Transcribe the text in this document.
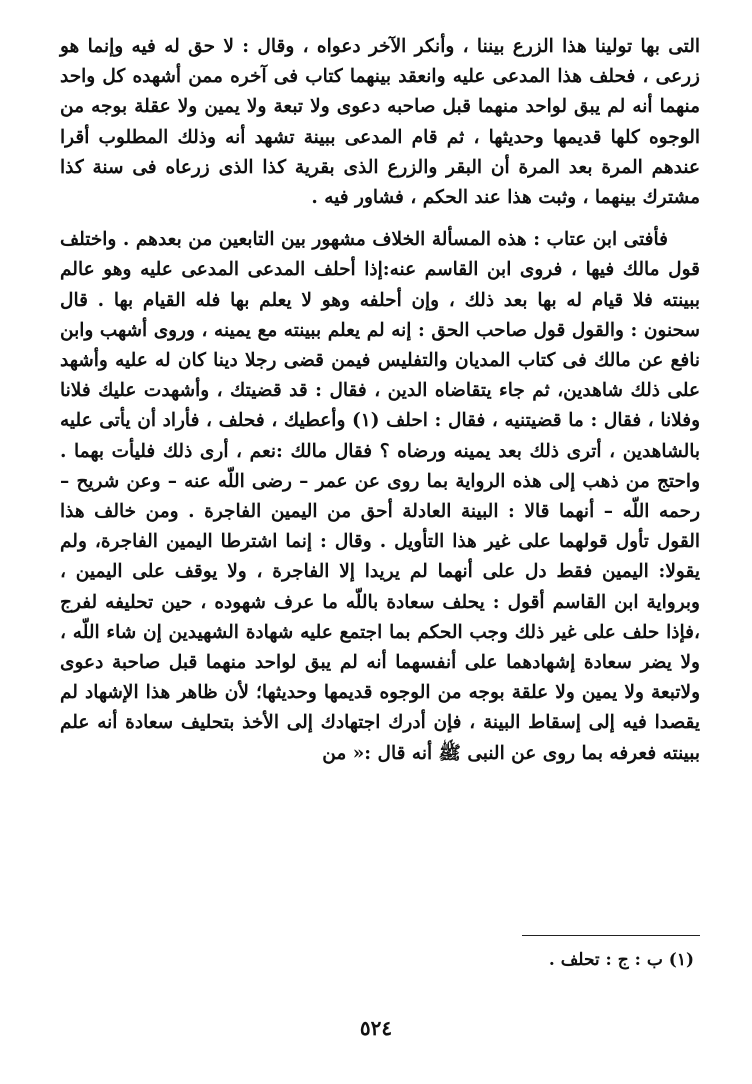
التى بها تولينا هذا الزرع بيننا ، وأنكر الآخر دعواه ، وقال : لا حق له فيه وإنما هو زرعى ، فحلف هذا المدعى عليه وانعقد بينهما كتاب فى آخره ممن أشهده كل واحد منهما أنه لم يبق لواحد منهما قبل صاحبه دعوى ولا تبعة ولا يمين ولا عقلة بوجه من الوجوه كلها قديمها وحديثها ، ثم قام المدعى ببينة تشهد أنه وذلك المطلوب أقرا عندهم المرة بعد المرة أن البقر والزرع الذى بقرية كذا الذى زرعاه فى سنة كذا مشترك بينهما ، وثبت هذا عند الحكم ، فشاور فيه .

فأفتى ابن عتاب : هذه المسألة الخلاف مشهور بين التابعين من بعدهم . واختلف قول مالك فيها ، فروى ابن القاسم عنه:إذا أحلف المدعى المدعى عليه وهو عالم ببينته فلا قيام له بها بعد ذلك ، وإن أحلفه وهو لا يعلم بها فله القيام بها . قال سحنون : والقول قول صاحب الحق : إنه لم يعلم ببينته مع يمينه ، وروى أشهب وابن نافع عن مالك فى كتاب المديان والتفليس فيمن قضى رجلا دينا كان له عليه وأشهد على ذلك شاهدين، ثم جاء يتقاضاه الدين ، فقال : قد قضيتك ، وأشهدت عليك فلانا وفلانا ، فقال : ما قضيتنيه ، فقال : احلف (١) وأعطيك ، فحلف ، فأراد أن يأتى عليه بالشاهدين ، أترى ذلك بعد يمينه ورضاه ؟ فقال مالك :نعم ، أرى ذلك فليأت بهما . واحتج من ذهب إلى هذه الرواية بما روى عن عمر – رضى اللّه عنه – وعن شريح – رحمه اللّه – أنهما قالا : البينة العادلة أحق من اليمين الفاجرة . ومن خالف هذا القول تأول قولهما على غير هذا التأويل . وقال : إنما اشترطا اليمين الفاجرة، ولم يقولا: اليمين فقط دل على أنهما لم يريدا إلا الفاجرة ، ولا يوقف على اليمين ، وبرواية ابن القاسم أقول : يحلف سعادة باللّه ما عرف شهوده ، حين تحليفه لفرج ،فإذا حلف على غير ذلك وجب الحكم بما اجتمع عليه شهادة الشهيدين إن شاء اللّه ، ولا يضر سعادة إشهادهما على أنفسهما أنه لم يبق لواحد منهما قبل صاحبة دعوى ولاتبعة ولا يمين ولا علقة بوجه من الوجوه قديمها وحديثها؛ لأن ظاهر هذا الإشهاد لم يقصدا فيه إلى إسقاط البينة ، فإن أدرك اجتهادك إلى الأخذ بتحليف سعادة أنه علم ببينته فعرفه بما روى عن النبى ﷺ أنه قال :« من

(١) ب : ج : تحلف .
٥٢٤
